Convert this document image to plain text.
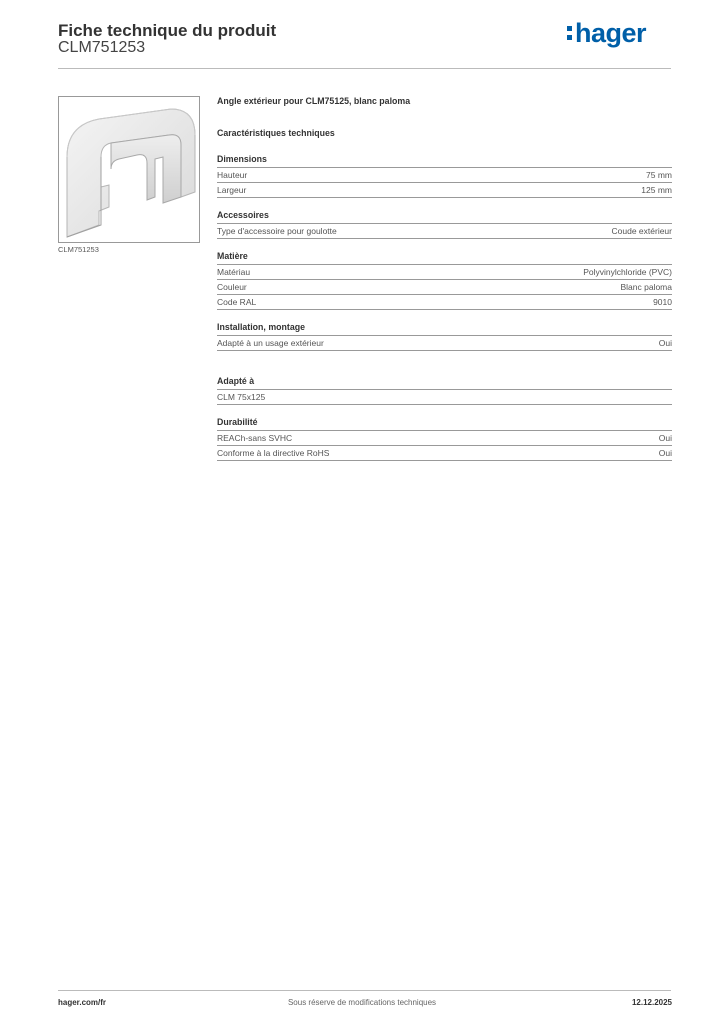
Fiche technique du produit
CLM751253	hager
CLM751253
Angle extérieur pour CLM75125, blanc paloma
Caractéristiques techniques
Dimensions
Hauteur	75 mm
Largeur	125 mm
Accessoires
Type d'accessoire pour goulotte	Coude extérieur
Matière
Matériau	Polyvinylchloride (PVC)
Couleur	Blanc paloma
Code RAL	9010
Installation, montage
Adapté à un usage extérieur	Oui
Adapté à
CLM 75x125
Durabilité
REACh-sans SVHC	Oui
Conforme à la directive RoHS	Oui
Sous réserve de modifications techniques
hager.com/fr	12.12.2025
